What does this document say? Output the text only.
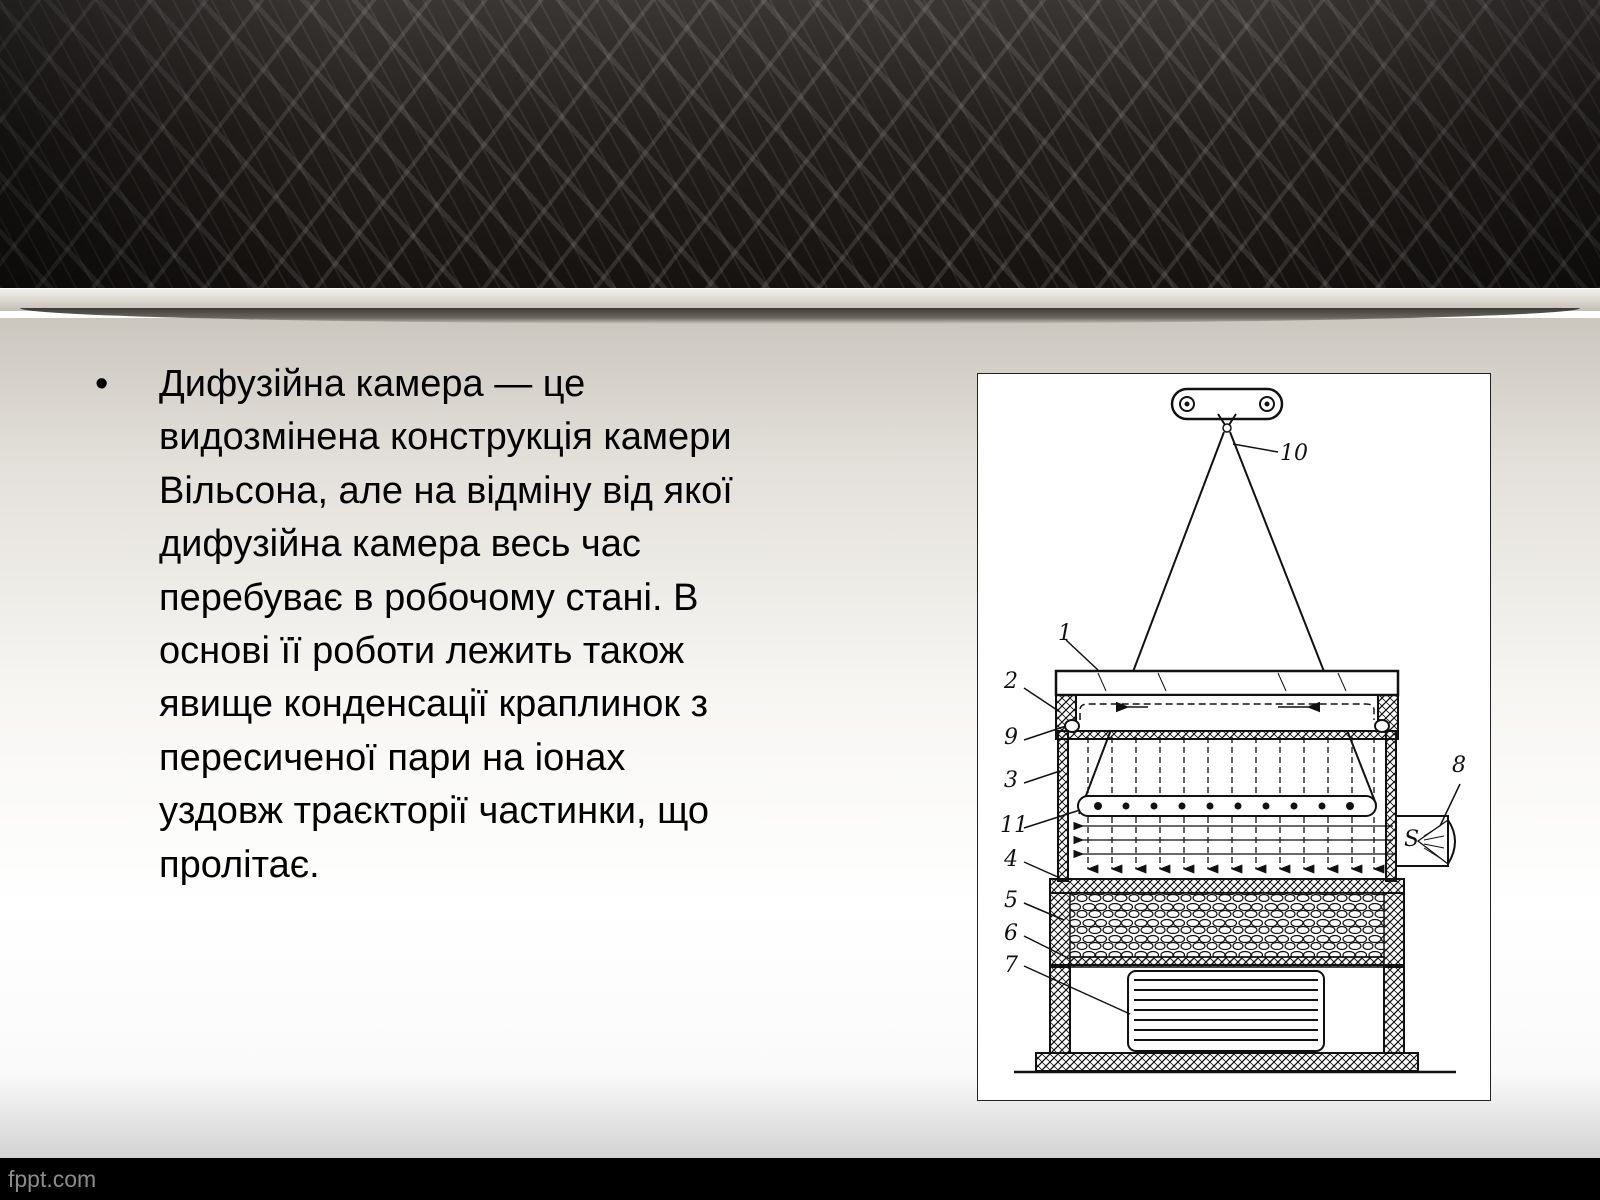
• Дифузійна камера — це видозмінена конструкція камери Вільсона, але на відміну від якої дифузійна камера весь час перебуває в робочому стані. В основі її роботи лежить також явище конденсації краплинок з пересиченої пари на іонах уздовж траєкторії частинки, що пролітає.
10
1
2
9
3
11
8
S
4
5
6
7
fppt.com
